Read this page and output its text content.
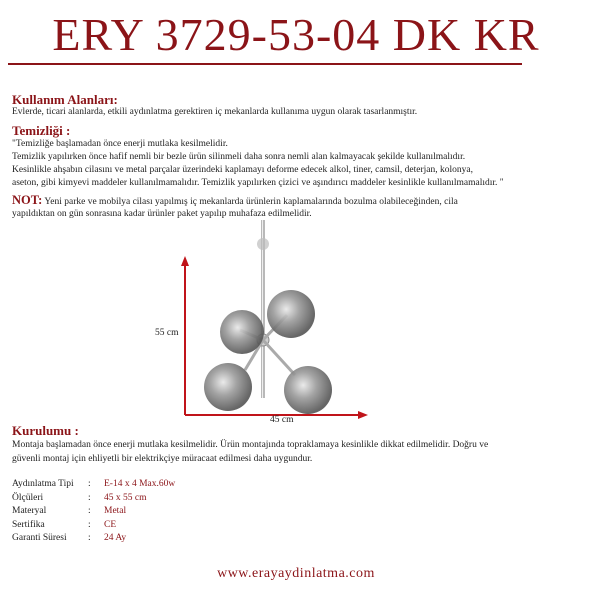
ERY 3729-53-04 DK KR
Kullanım Alanları:
Evlerde, ticari alanlarda, etkili aydınlatma gerektiren iç mekanlarda kullanıma uygun olarak tasarlanmıştır.
Temizliği :
"Temizliğe başlamadan önce enerji mutlaka kesilmelidir.
Temizlik yapılırken önce hafif nemli bir bezle ürün silinmeli daha sonra nemli alan kalmayacak şekilde kullanılmalıdır.
Kesinlikle ahşabın cilasını ve metal parçalar üzerindeki kaplamayı deforme edecek alkol, tiner, camsil, deterjan, kolonya,
aseton, gibi kimyevi maddeler kullanılmamalıdır. Temizlik yapılırken çizici ve aşındırıcı maddeler kesinlikle kullanılmamalıdır. "
NOT: Yeni parke ve mobilya cilası yapılmış iç mekanlarda ürünlerin kaplamalarında bozulma olabileceğinden, cila
yapıldıktan on gün sonrasına kadar ürünler paket yapılıp muhafaza edilmelidir.
55 cm
45 cm
Kurulumu :
Montaja başlamadan önce enerji mutlaka kesilmelidir. Ürün montajında topraklamaya kesinlikle dikkat edilmelidir. Doğru ve
güvenli montaj için ehliyetli bir elektrikçiye müracaat edilmesi daha uygundur.
Aydınlatma Tipi	:	E-14 x 4 Max.60w
Ölçüleri	:	45 x 55 cm
Materyal	:	Metal
Sertifika	:	CE
Garanti Süresi	:	24 Ay
www.erayaydinlatma.com
